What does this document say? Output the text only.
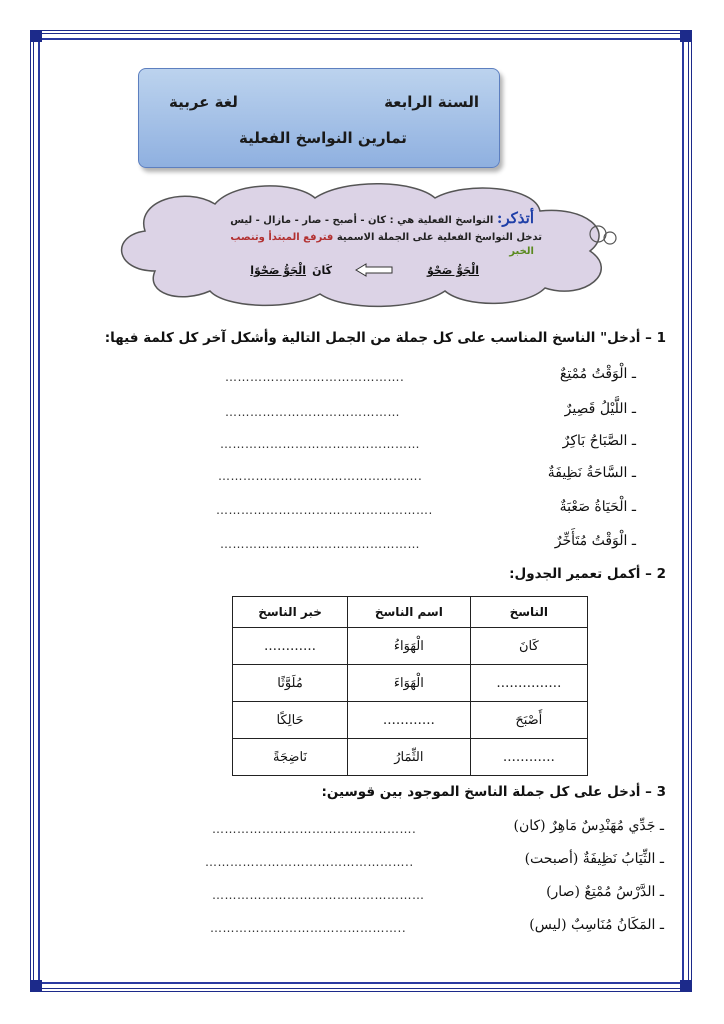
السنة الرابعة
لغة عربية
تمارين النواسخ الفعلية
أتذكر: النواسخ الفعلية هي : كان - أصبح - صار - مازال - ليس
تدخل النواسخ الفعلية على الجملة الاسمية فترفع المبتدأ وتنصب
الخبر
الْجَوُّ صَحْوٌ
كَانَ
الْجَوُّ صَحْوًا
1 – أدخل" الناسخ المناسب على كل جملة من الجمل التالية وأشكل آخر كل كلمة فيها:
ـ الْوَقْتُ مُمْتِعٌ
…………………………………….
ـ اللَّيْلُ قَصِيرٌ
……………………………………
ـ الصَّبَاحُ بَاكِرٌ
…………………………………………
ـ السَّاحَةُ نَظِيفَةٌ
………………………………………….
ـ الْحَيَاةُ صَعْبَةٌ
…………………………………………….
ـ الْوَقْتُ مُتَأَخِّرٌ
…………………………………………
2 – أكمل تعمير الجدول:
الناسخ	اسم الناسخ	خبر الناسخ
كَانَ	الْهَوَاءُ	…………
……………	الْهَوَاءَ	مُلَوَّثًا
أَصْبَحَ	…………	حَالِكًا
…………	الثِّمَارُ	نَاضِجَةً
3 – أدخل على كل جملة الناسخ الموجود بين قوسين:
ـ جَدِّي مُهَنْدِسٌ مَاهِرٌ (كان)
………………………………………….
ـ الثِّيَابُ نَظِيفَةٌ (أصبحت)
…………………………………………..
ـ الدَّرْسُ مُمْتِعٌ (صار)
……………………………………………
ـ المَكَانُ مُنَاسِبٌ (ليس)
………………………………………..
